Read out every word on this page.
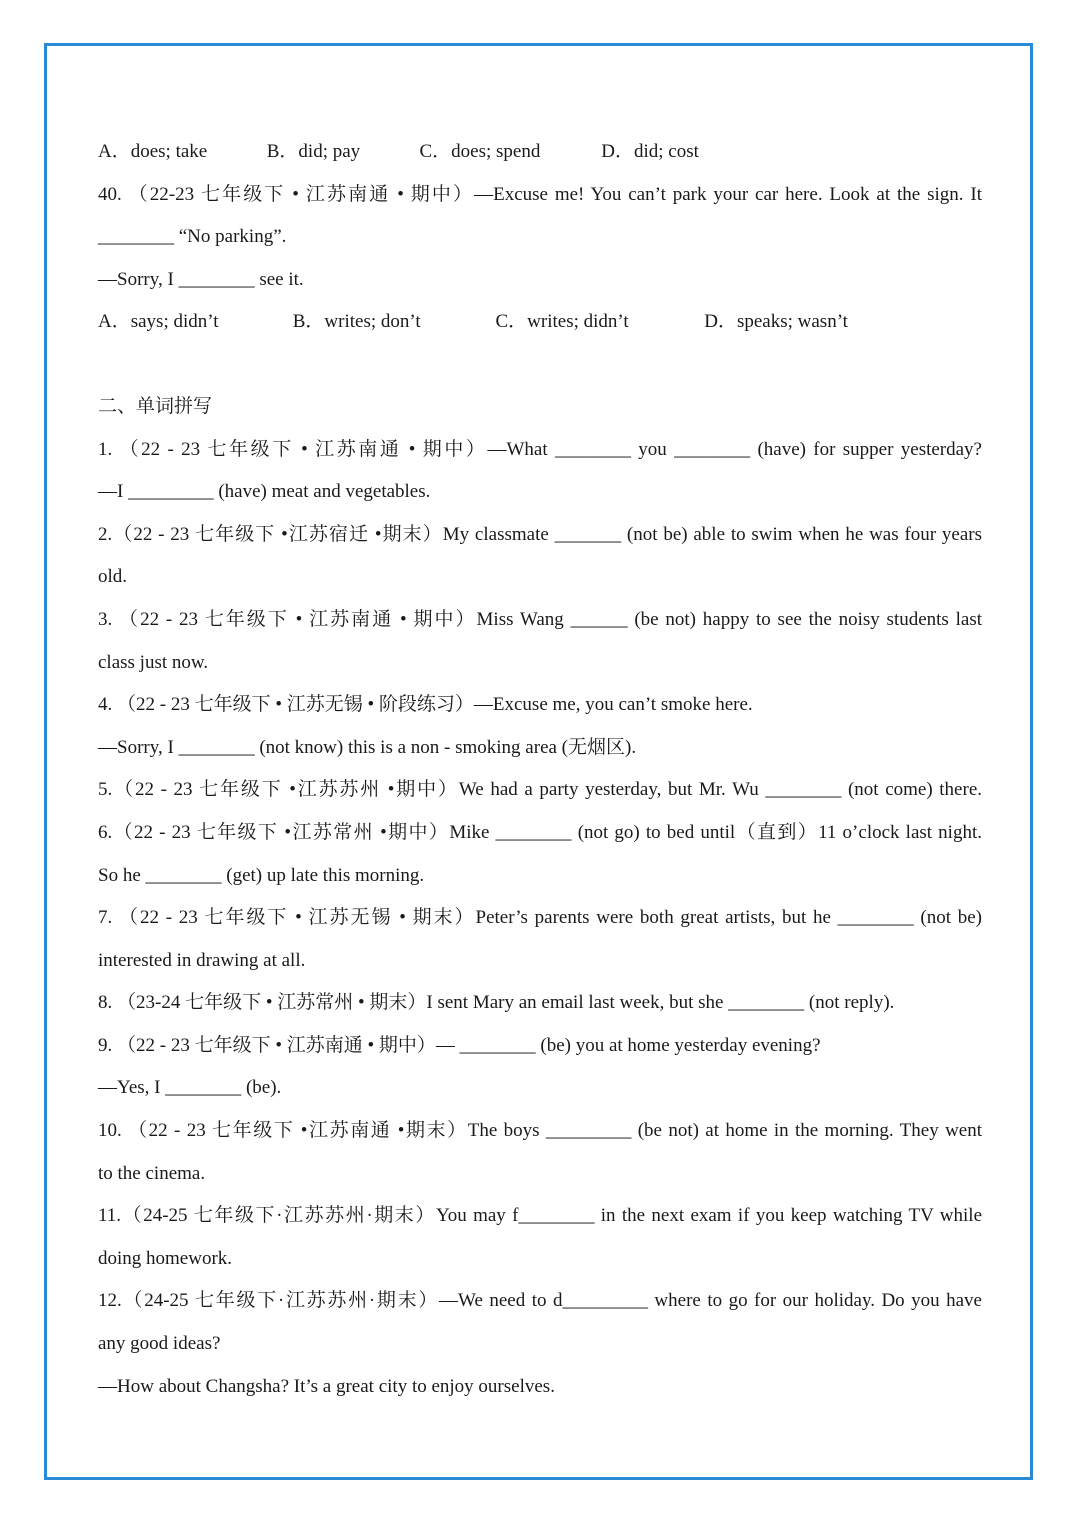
A．does; take	B．did; pay	C．does; spend	D．did; cost
40. （22-23 七年级下 • 江苏南通 • 期中）—Excuse me! You can’t park your car here. Look at the sign. It
________ “No parking”.
—Sorry, I ________ see it.
A．says; didn’t	B．writes; don’t	C．writes; didn’t	D．speaks; wasn’t
二、单词拼写
1. （22 - 23 七年级下 • 江苏南通 • 期中）—What ________ you ________ (have) for supper yesterday?
—I _________ (have) meat and vegetables.
2.（22 - 23 七年级下 •江苏宿迁 •期末）My classmate _______ (not be) able to swim when he was four years
old.
3. （22 - 23 七年级下 • 江苏南通 • 期中）Miss Wang ______ (be not) happy to see the noisy students last
class just now.
4. （22 - 23 七年级下 • 江苏无锡 • 阶段练习）—Excuse me, you can’t smoke here.
—Sorry, I ________ (not know) this is a non - smoking area (无烟区).
5.（22 - 23 七年级下 •江苏苏州 •期中）We had a party yesterday, but Mr. Wu ________ (not come) there.
6.（22 - 23 七年级下 •江苏常州 •期中）Mike ________ (not go) to bed until（直到）11 o’clock last night.
So he ________ (get) up late this morning.
7. （22 - 23 七年级下 • 江苏无锡 • 期末）Peter’s parents were both great artists, but he ________ (not be)
interested in drawing at all.
8. （23-24 七年级下 • 江苏常州 • 期末）I sent Mary an email last week, but she ________ (not reply).
9. （22 - 23 七年级下 • 江苏南通 • 期中）— ________ (be) you at home yesterday evening?
—Yes, I ________ (be).
10. （22 - 23 七年级下 •江苏南通 •期末）The boys _________ (be not) at home in the morning. They went
to the cinema.
11.（24-25 七年级下·江苏苏州·期末）You may f________ in the next exam if you keep watching TV while
doing homework.
12.（24-25 七年级下·江苏苏州·期末）—We need to d_________ where to go for our holiday. Do you have
any good ideas?
—How about Changsha? It’s a great city to enjoy ourselves.
